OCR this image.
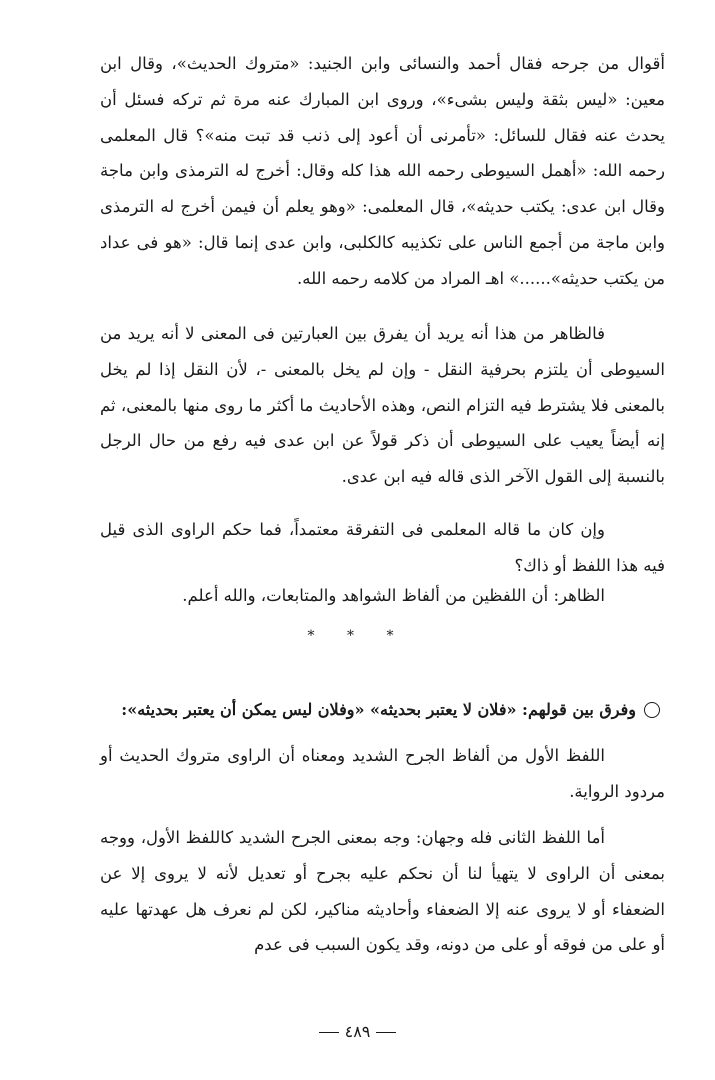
أقوال من جرحه فقال أحمد والنسائى وابن الجنيد: «متروك الحديث»، وقال ابن معين: «ليس بثقة وليس بشىء»، وروى ابن المبارك عنه مرة ثم تركه فسئل أن يحدث عنه فقال للسائل: «تأمرنى أن أعود إلى ذنب قد تبت منه»؟ قال المعلمى رحمه الله: «أهمل السيوطى رحمه الله هذا كله وقال: أخرج له الترمذى وابن ماجة وقال ابن عدى: يكتب حديثه»، قال المعلمى: «وهو يعلم أن فيمن أخرج له الترمذى وابن ماجة من أجمع الناس على تكذيبه كالكلبى، وابن عدى إنما قال: «هو فى عداد من يكتب حديثه»......» اهـ المراد من كلامه رحمه الله.

فالظاهر من هذا أنه يريد أن يفرق بين العبارتين فى المعنى لا أنه يريد من السيوطى أن يلتزم بحرفية النقل - وإن لم يخل بالمعنى -، لأن النقل إذا لم يخل بالمعنى فلا يشترط فيه التزام النص، وهذه الأحاديث ما أكثر ما روى منها بالمعنى، ثم إنه أيضاً يعيب على السيوطى أن ذكر قولاً عن ابن عدى فيه رفع من حال الرجل بالنسبة إلى القول الآخر الذى قاله فيه ابن عدى.

وإن كان ما قاله المعلمى فى التفرقة معتمداً، فما حكم الراوى الذى قيل فيه هذا اللفظ أو ذاك؟

الظاهر: أن اللفظين من ألفاظ الشواهد والمتابعات، والله أعلم.

* * *
وفرق بين قولهم: «فلان لا يعتبر بحديثه» «وفلان ليس يمكن أن يعتبر بحديثه»:

اللفظ الأول من ألفاظ الجرح الشديد ومعناه أن الراوى متروك الحديث أو مردود الرواية.

أما اللفظ الثانى فله وجهان: وجه بمعنى الجرح الشديد كاللفظ الأول، ووجه بمعنى أن الراوى لا يتهيأ لنا أن نحكم عليه بجرح أو تعديل لأنه لا يروى إلا عن الضعفاء أو لا يروى عنه إلا الضعفاء وأحاديثه مناكير، لكن لم نعرف هل عهدتها عليه أو على من فوقه أو على من دونه، وقد يكون السبب فى عدم

٤٨٩
